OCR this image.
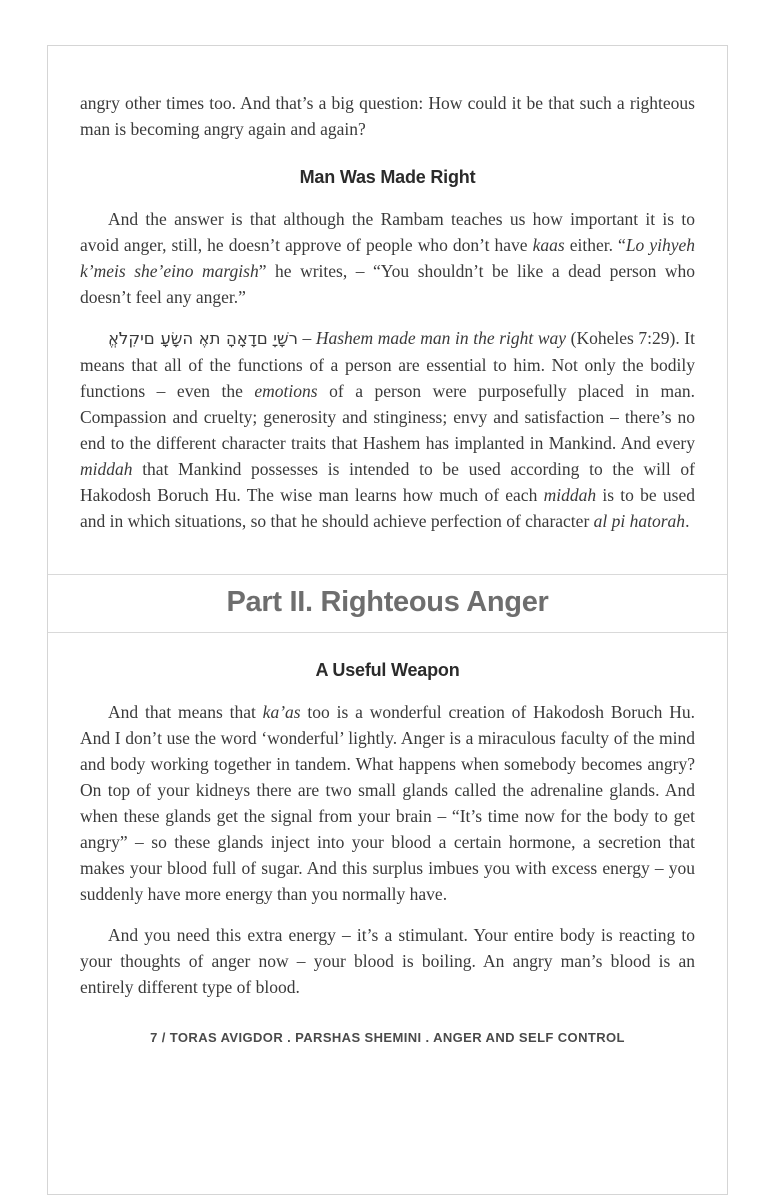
angry other times too. And that’s a big question: How could it be that such a righteous man is becoming angry again and again?

Man Was Made Right

And the answer is that although the Rambam teaches us how important it is to avoid anger, still, he doesn’t approve of people who don’t have kaas either. “Lo yihyeh k’meis she’eino margish” he writes, – “You shouldn’t be like a dead person who doesn’t feel any anger.”

אֱלֹקִים עָשָׂה אֶת הָאָדָם יָשָׁר – Hashem made man in the right way (Koheles 7:29). It means that all of the functions of a person are essential to him. Not only the bodily functions – even the emotions of a person were purposefully placed in man. Compassion and cruelty; generosity and stinginess; envy and satisfaction – there’s no end to the different character traits that Hashem has implanted in Mankind. And every middah that Mankind possesses is intended to be used according to the will of Hakodosh Boruch Hu. The wise man learns how much of each middah is to be used and in which situations, so that he should achieve perfection of character al pi hatorah.

Part II. Righteous Anger
A Useful Weapon

And that means that ka’as too is a wonderful creation of Hakodosh Boruch Hu. And I don’t use the word ‘wonderful’ lightly. Anger is a miraculous faculty of the mind and body working together in tandem. What happens when somebody becomes angry? On top of your kidneys there are two small glands called the adrenaline glands. And when these glands get the signal from your brain – “It’s time now for the body to get angry” – so these glands inject into your blood a certain hormone, a secretion that makes your blood full of sugar. And this surplus imbues you with excess energy – you suddenly have more energy than you normally have.

And you need this extra energy – it’s a stimulant. Your entire body is reacting to your thoughts of anger now – your blood is boiling. An angry man’s blood is an entirely different type of blood.

7 / TORAS AVIGDOR . PARSHAS SHEMINI . ANGER AND SELF CONTROL
